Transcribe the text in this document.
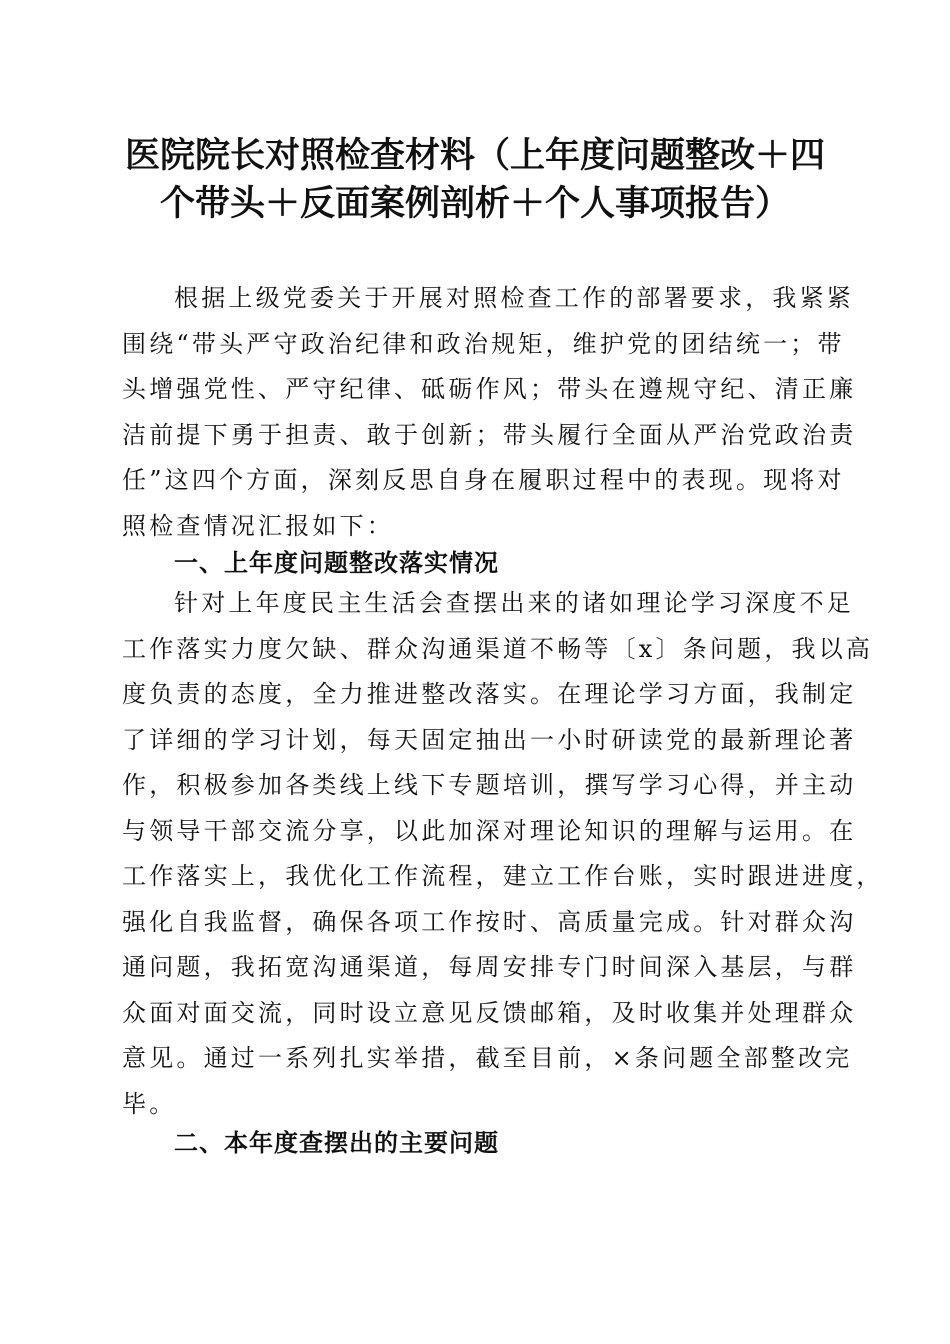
医院院长对照检查材料（上年度问题整改＋四
个带头＋反面案例剖析＋个人事项报告）
根据上级党委关于开展对照检查工作的部署要求，我紧紧
围绕“带头严守政治纪律和政治规矩，维护党的团结统一；带
头增强党性、严守纪律、砥砺作风；带头在遵规守纪、清正廉
洁前提下勇于担责、敢于创新；带头履行全面从严治党政治责
任”这四个方面，深刻反思自身在履职过程中的表现。现将对
照检查情况汇报如下：
一、上年度问题整改落实情况
针对上年度民主生活会查摆出来的诸如理论学习深度不足
工作落实力度欠缺、群众沟通渠道不畅等〔x〕条问题，我以高
度负责的态度，全力推进整改落实。在理论学习方面，我制定
了详细的学习计划，每天固定抽出一小时研读党的最新理论著
作，积极参加各类线上线下专题培训，撰写学习心得，并主动
与领导干部交流分享，以此加深对理论知识的理解与运用。在
工作落实上，我优化工作流程，建立工作台账，实时跟进进度，
强化自我监督，确保各项工作按时、高质量完成。针对群众沟
通问题，我拓宽沟通渠道，每周安排专门时间深入基层，与群
众面对面交流，同时设立意见反馈邮箱，及时收集并处理群众
意见。通过一系列扎实举措，截至目前，×条问题全部整改完
毕。
二、本年度查摆出的主要问题
